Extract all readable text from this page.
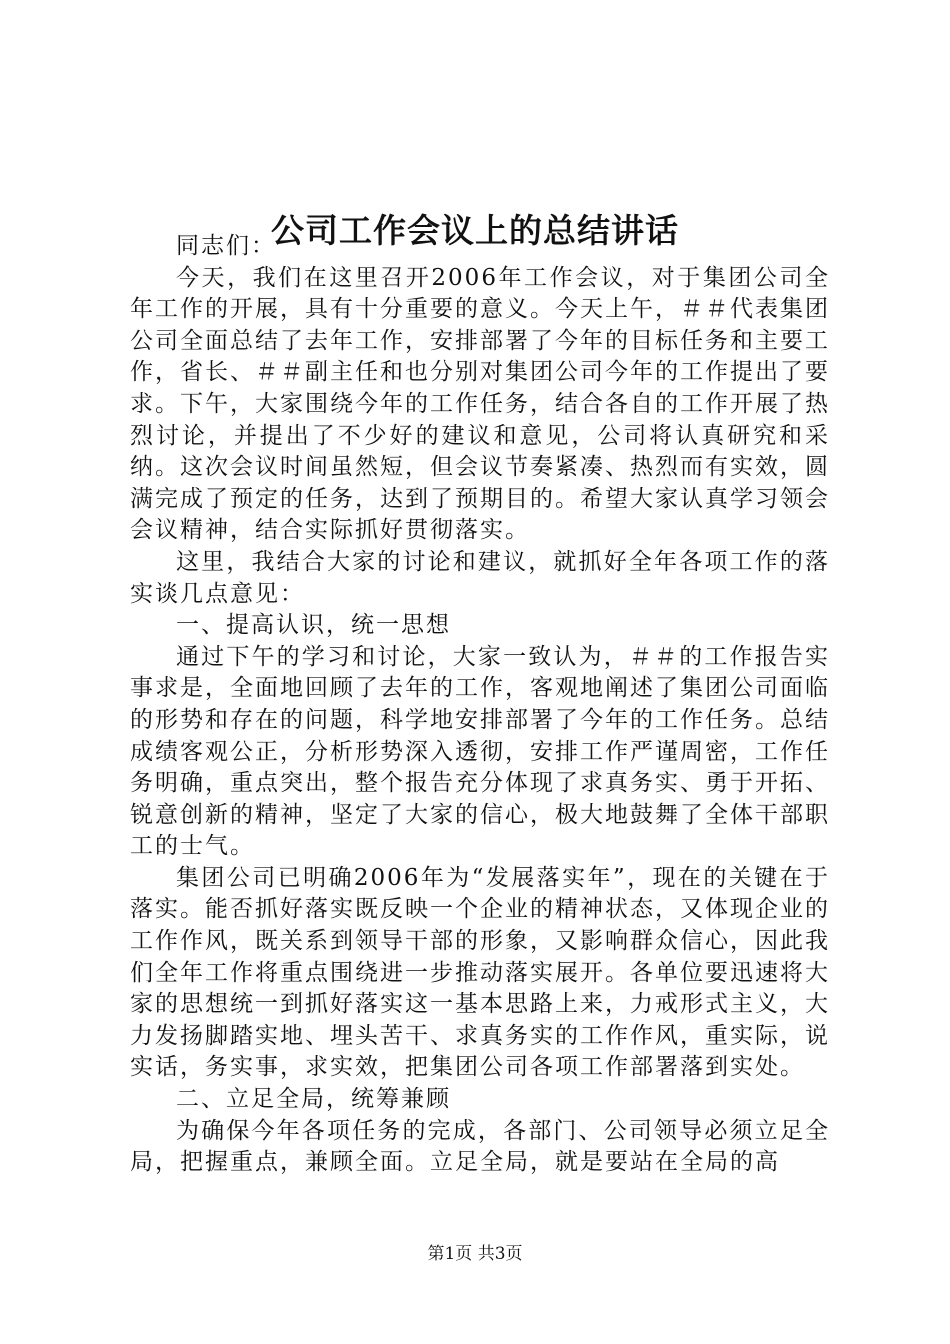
公司工作会议上的总结讲话

同志们：

今天，我们在这里召开2006年工作会议，对于集团公司全年工作的开展，具有十分重要的意义。今天上午，＃＃代表集团公司全面总结了去年工作，安排部署了今年的目标任务和主要工作，省长、＃＃副主任和也分别对集团公司今年的工作提出了要求。下午，大家围绕今年的工作任务，结合各自的工作开展了热烈讨论，并提出了不少好的建议和意见，公司将认真研究和采纳。这次会议时间虽然短，但会议节奏紧凑、热烈而有实效，圆满完成了预定的任务，达到了预期目的。希望大家认真学习领会会议精神，结合实际抓好贯彻落实。

这里，我结合大家的讨论和建议，就抓好全年各项工作的落实谈几点意见：

一、提高认识，统一思想

通过下午的学习和讨论，大家一致认为，＃＃的工作报告实事求是，全面地回顾了去年的工作，客观地阐述了集团公司面临的形势和存在的问题，科学地安排部署了今年的工作任务。总结成绩客观公正，分析形势深入透彻，安排工作严谨周密，工作任务明确，重点突出，整个报告充分体现了求真务实、勇于开拓、锐意创新的精神，坚定了大家的信心，极大地鼓舞了全体干部职工的士气。

集团公司已明确2006年为“发展落实年”，现在的关键在于落实。能否抓好落实既反映一个企业的精神状态，又体现企业的工作作风，既关系到领导干部的形象，又影响群众信心，因此我们全年工作将重点围绕进一步推动落实展开。各单位要迅速将大家的思想统一到抓好落实这一基本思路上来，力戒形式主义，大力发扬脚踏实地、埋头苦干、求真务实的工作作风，重实际，说实话，务实事，求实效，把集团公司各项工作部署落到实处。

二、立足全局，统筹兼顾

为确保今年各项任务的完成，各部门、公司领导必须立足全局，把握重点，兼顾全面。立足全局，就是要站在全局的高

第1页 共3页
